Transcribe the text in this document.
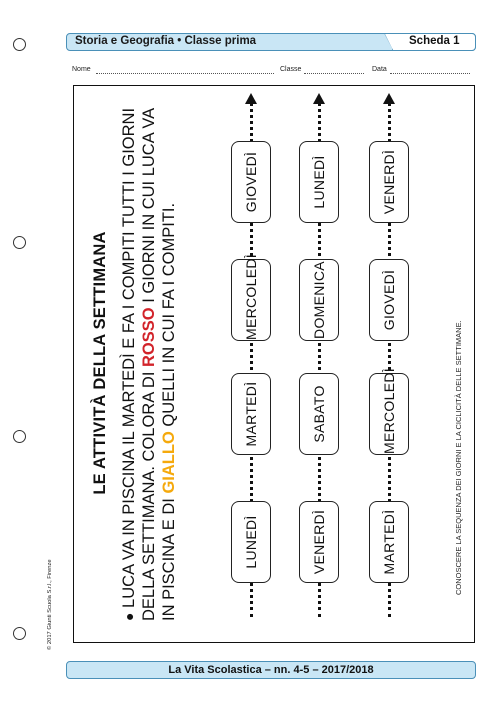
Storia e Geografia • Classe prima	Scheda 1
Nome	Classe	Data
© 2017 Giunti Scuola S.r.l., Firenze
LE ATTIVITÀ DELLA SETTIMANA
● LUCA VA IN PISCINA IL MARTEDÌ E FA I COMPITI TUTTI I GIORNI DELLA SETTIMANA. COLORA DI ROSSO I GIORNI IN CUI LUCA VA IN PISCINA E DI GIALLO QUELLI IN CUI FA I COMPITI.
LUNEDÌ
MARTEDÌ
MERCOLEDÌ
GIOVEDÌ
VENERDÌ
SABATO
DOMENICA
LUNEDÌ
MARTEDÌ
MERCOLEDÌ
GIOVEDÌ
VENERDÌ
CONOSCERE LA SEQUENZA DEI GIORNI E LA CICLICITÀ DELLE SETTIMANE.
La Vita Scolastica – nn. 4-5 – 2017/2018
